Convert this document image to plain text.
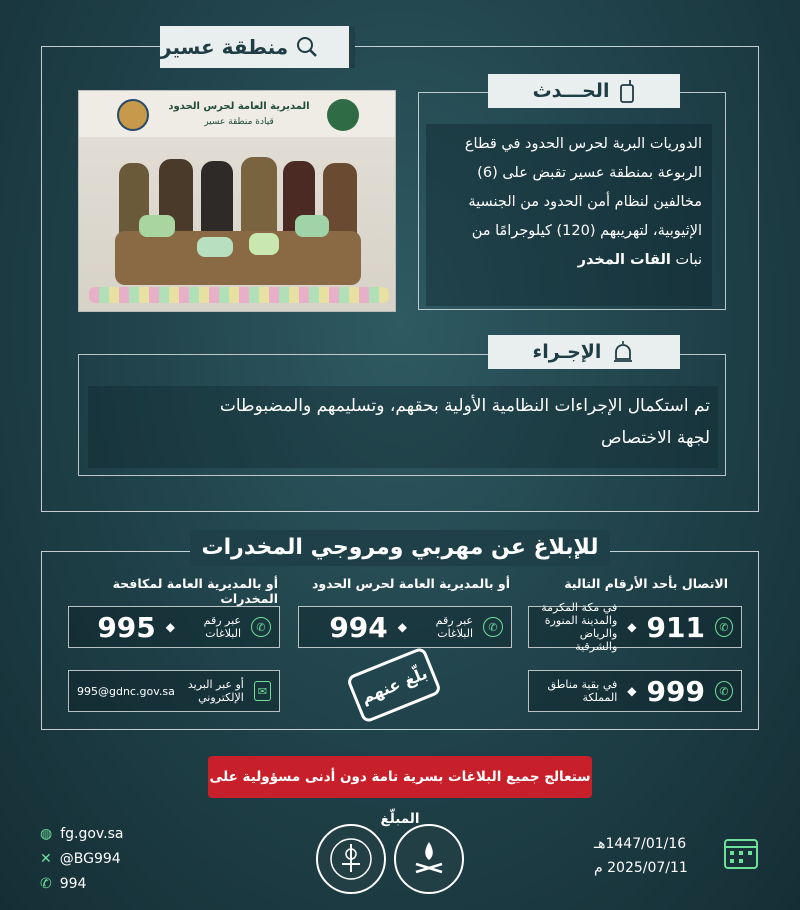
منطقة عسير
المديرية العامة لحرس الحدود
قيادة منطقة عسير
الحـــدث
الدوريات البرية لحرس الحدود في قطاع
الربوعة بمنطقة عسير تقبض على (6)
مخالفين لنظام أمن الحدود من الجنسية
الإثيوبية، لتهريبهم (120) كيلوجرامًا من
نبات القات المخدر
الإجـراء
تم استكمال الإجراءات النظامية الأولية بحقهم، وتسليمهم والمضبوطات
لجهة الاختصاص
للإبلاغ عن مهربي ومروجي المخدرات
الاتصال بأحد الأرقام التالية
أو بالمديرية العامة لحرس الحدود
أو بالمديرية العامة لمكافحة المخدرات
✆
911
◆
في مكة المكرمة والمدينة المنورة والرياض والشرقية
✆
999
◆
في بقية مناطق المملكة
✆
عبر رقم البلاغات
◆
994
✆
عبر رقم البلاغات
◆
995
✉
أو عبر البريد الإلكتروني
995@gdnc.gov.sa	بلّغ عنهم
ستعالج جميع البلاغات بسرية تامة دون أدنى مسؤولية على المبلّغ
◍ fg.gov.sa
✕ @BG994
✆ 994
1447/01/16هـ
2025/07/11 م
